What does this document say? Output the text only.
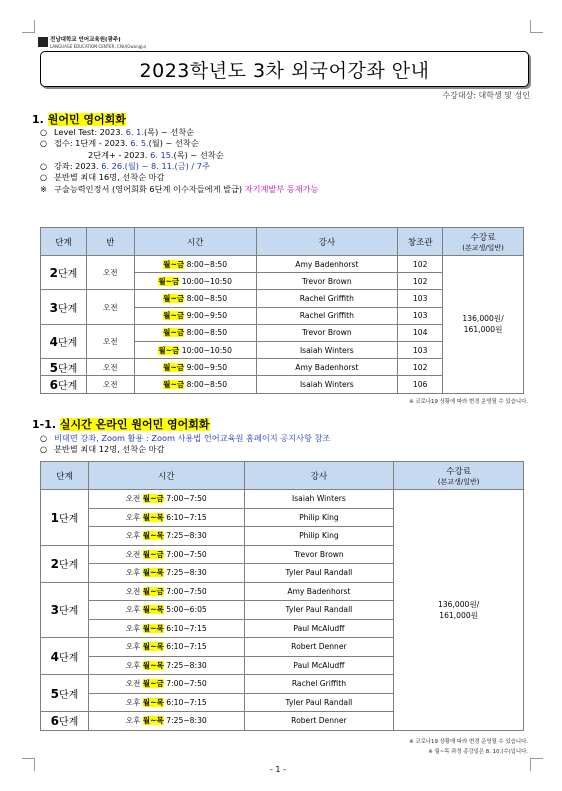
전남대학교 언어교육원(광주)
LANGUAGE EDUCATION CENTER, CNU(Gwangju)
2023학년도 3차 외국어강좌 안내
수강대상: 대학생 및 성인
1. 원어민 영어회화
○ Level Test: 2023. 6. 1.(목) ~ 선착순
○ 접수: 1단계 - 2023. 6. 5.(월) ~ 선착순
2단계+ - 2023. 6. 15.(목) ~ 선착순
○ 강좌: 2023. 6. 26.(월) ~ 8. 11.(금) / 7주
○ 분반별 최대 16명, 선착순 마감
※ 구술능력인정서 (영어회화 6단계 이수자들에게 발급) 자기계발부 등재가능
단계	반	시간	강사	창조관	수강료
(본교생/일반)
2단계	오전	월~금 8:00~8:50	Amy Badenhorst	102	136,000원/
161,000원
		월~금 10:00~10:50	Trevor Brown	102	
3단계	오전	월~금 8:00~8:50	Rachel Griffith	103	
		월~금 9:00~9:50	Rachel Griffith	103	
4단계	오전	월~금 8:00~8:50	Trevor Brown	104	
		월~금 10:00~10:50	Isaiah Winters	103	
5단계	오전	월~금 9:00~9:50	Amy Badenhorst	102	
6단계	오전	월~금 8:00~8:50	Isaiah Winters	106	
※ 코로나19 상황에 따라 변경 운영될 수 있습니다.
1-1. 실시간 온라인 원어민 영어회화
○ 비대면 강좌, Zoom 활용 : Zoom 사용법 언어교육원 홈페이지 공지사항 참조
○ 분반별 최대 12명, 선착순 마감
단계	시간	강사	수강료
(본교생/일반)
1단계	오전 월~금 7:00~7:50	Isaiah Winters	136,000원/
161,000원
	오후 월~목 6:10~7:15	Philip King	
	오후 월~목 7:25~8:30	Philip King	
2단계	오전 월~금 7:00~7:50	Trevor Brown	
	오후 월~목 7:25~8:30	Tyler Paul Randall	
3단계	오전 월~금 7:00~7:50	Amy Badenhorst	
	오후 월~목 5:00~6:05	Tyler Paul Randall	
	오후 월~목 6:10~7:15	Paul McAludff	
4단계	오후 월~목 6:10~7:15	Robert Denner	
	오후 월~목 7:25~8:30	Paul McAludff	
5단계	오전 월~금 7:00~7:50	Rachel Griffith	
	오후 월~목 6:10~7:15	Tyler Paul Randall	
6단계	오후 월~목 7:25~8:30	Robert Denner	
※ 코로나19 상황에 따라 변경 운영될 수 있습니다.
※ 월~목 과정 종강일은 8. 10.(수)입니다.
- 1 -
